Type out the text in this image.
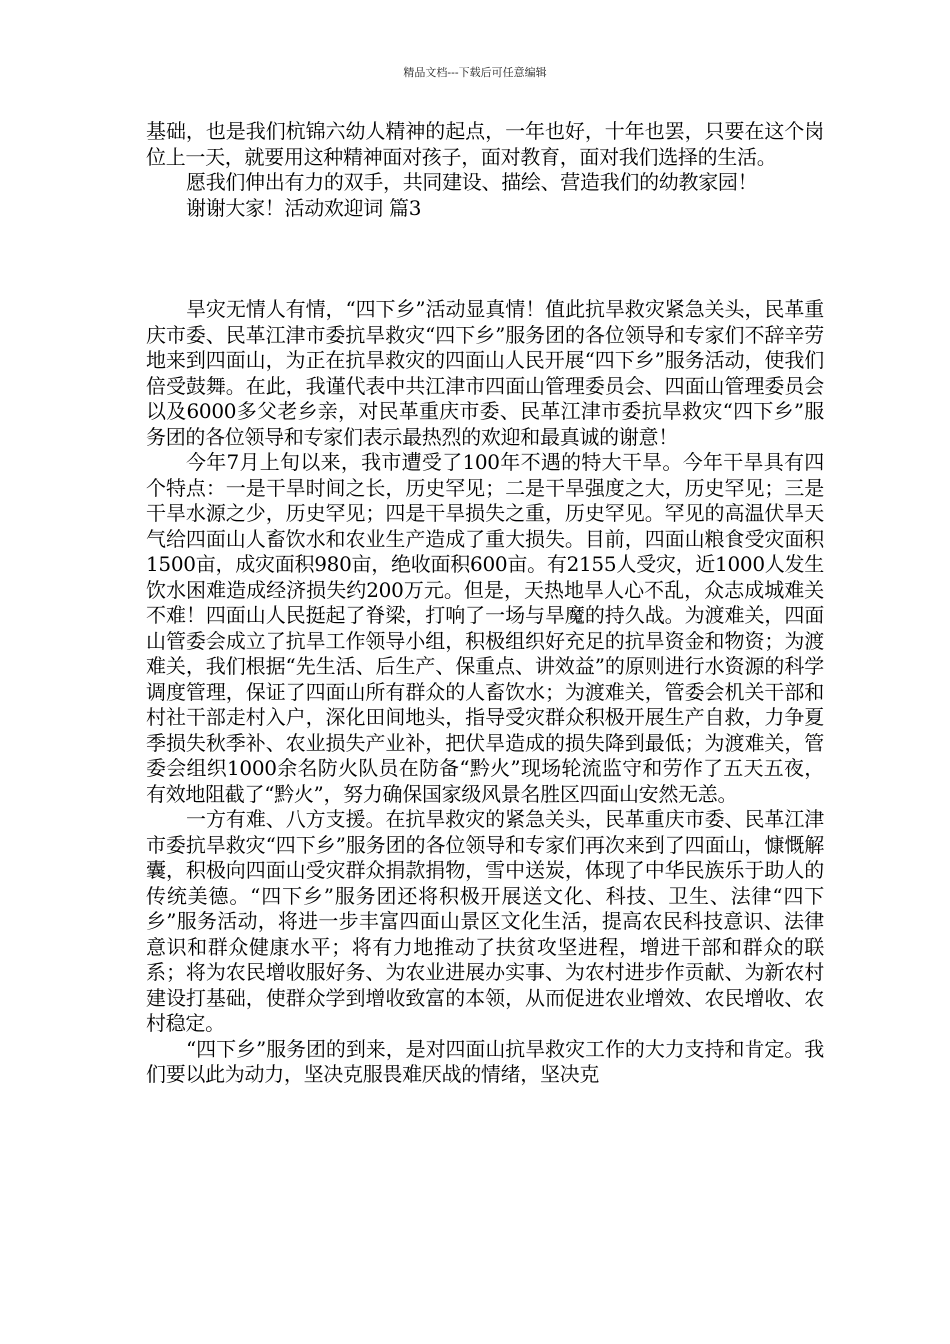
精品文档---下载后可任意编辑

基础，也是我们杭锦六幼人精神的起点，一年也好，十年也罢，只要在这个岗位上一天，就要用这种精神面对孩子，面对教育，面对我们选择的生活。

愿我们伸出有力的双手，共同建设、描绘、营造我们的幼教家园！

谢谢大家！活动欢迎词 篇3

旱灾无情人有情，“四下乡”活动显真情！值此抗旱救灾紧急关头，民革重庆市委、民革江津市委抗旱救灾“四下乡”服务团的各位领导和专家们不辞辛劳地来到四面山，为正在抗旱救灾的四面山人民开展“四下乡”服务活动，使我们倍受鼓舞。在此，我谨代表中共江津市四面山管理委员会、四面山管理委员会以及6000多父老乡亲，对民革重庆市委、民革江津市委抗旱救灾“四下乡”服务团的各位领导和专家们表示最热烈的欢迎和最真诚的谢意！

今年7月上旬以来，我市遭受了100年不遇的特大干旱。今年干旱具有四个特点：一是干旱时间之长，历史罕见；二是干旱强度之大，历史罕见；三是干旱水源之少，历史罕见；四是干旱损失之重，历史罕见。罕见的高温伏旱天气给四面山人畜饮水和农业生产造成了重大损失。目前，四面山粮食受灾面积1500亩，成灾面积980亩，绝收面积600亩。有2155人受灾，近1000人发生饮水困难造成经济损失约200万元。但是，天热地旱人心不乱，众志成城难关不难！四面山人民挺起了脊梁，打响了一场与旱魔的持久战。为渡难关，四面山管委会成立了抗旱工作领导小组，积极组织好充足的抗旱资金和物资；为渡难关，我们根据“先生活、后生产、保重点、讲效益”的原则进行水资源的科学调度管理，保证了四面山所有群众的人畜饮水；为渡难关，管委会机关干部和村社干部走村入户，深化田间地头，指导受灾群众积极开展生产自救，力争夏季损失秋季补、农业损失产业补，把伏旱造成的损失降到最低；为渡难关，管委会组织1000余名防火队员在防备“黔火”现场轮流监守和劳作了五天五夜，有效地阻截了“黔火”，努力确保国家级风景名胜区四面山安然无恙。

一方有难、八方支援。在抗旱救灾的紧急关头，民革重庆市委、民革江津市委抗旱救灾“四下乡”服务团的各位领导和专家们再次来到了四面山，慷慨解囊，积极向四面山受灾群众捐款捐物，雪中送炭，体现了中华民族乐于助人的传统美德。“四下乡”服务团还将积极开展送文化、科技、卫生、法律“四下乡”服务活动，将进一步丰富四面山景区文化生活，提高农民科技意识、法律意识和群众健康水平；将有力地推动了扶贫攻坚进程，增进干部和群众的联系；将为农民增收服好务、为农业进展办实事、为农村进步作贡献、为新农村建设打基础，使群众学到增收致富的本领，从而促进农业增效、农民增收、农村稳定。

“四下乡”服务团的到来，是对四面山抗旱救灾工作的大力支持和肯定。我们要以此为动力，坚决克服畏难厌战的情绪，坚决克
